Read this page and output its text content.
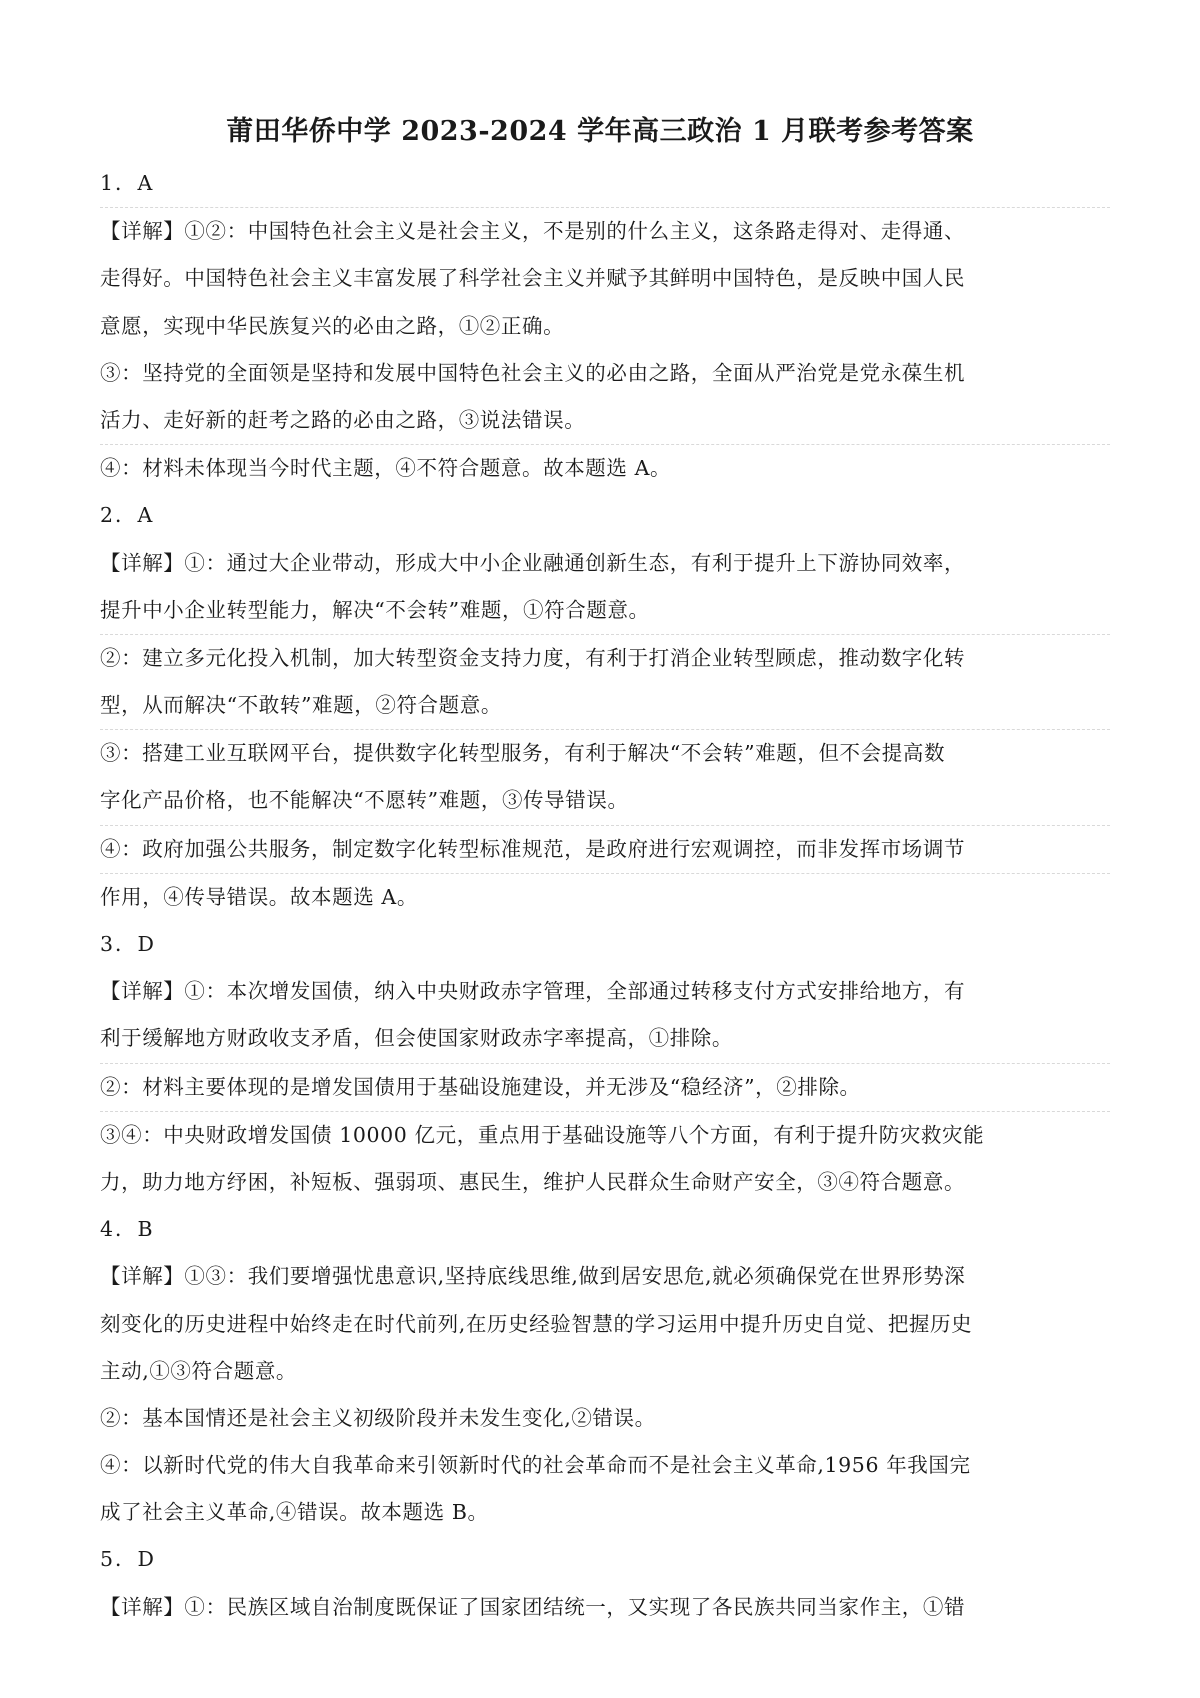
莆田华侨中学 2023-2024 学年高三政治 1 月联考参考答案
1．A
【详解】①②：中国特色社会主义是社会主义，不是别的什么主义，这条路走得对、走得通、
走得好。中国特色社会主义丰富发展了科学社会主义并赋予其鲜明中国特色，是反映中国人民
意愿，实现中华民族复兴的必由之路，①②正确。
③：坚持党的全面领是坚持和发展中国特色社会主义的必由之路，全面从严治党是党永葆生机
活力、走好新的赶考之路的必由之路，③说法错误。
④：材料未体现当今时代主题，④不符合题意。故本题选 A。
2．A
【详解】①：通过大企业带动，形成大中小企业融通创新生态，有利于提升上下游协同效率，
提升中小企业转型能力，解决“不会转”难题，①符合题意。
②：建立多元化投入机制，加大转型资金支持力度，有利于打消企业转型顾虑，推动数字化转
型，从而解决“不敢转”难题，②符合题意。
③：搭建工业互联网平台，提供数字化转型服务，有利于解决“不会转”难题，但不会提高数
字化产品价格，也不能解决“不愿转”难题，③传导错误。
④：政府加强公共服务，制定数字化转型标准规范，是政府进行宏观调控，而非发挥市场调节
作用，④传导错误。故本题选 A。
3．D
【详解】①：本次增发国债，纳入中央财政赤字管理，全部通过转移支付方式安排给地方，有
利于缓解地方财政收支矛盾，但会使国家财政赤字率提高，①排除。
②：材料主要体现的是增发国债用于基础设施建设，并无涉及“稳经济”，②排除。
③④：中央财政增发国债 10000 亿元，重点用于基础设施等八个方面，有利于提升防灾救灾能
力，助力地方纾困，补短板、强弱项、惠民生，维护人民群众生命财产安全，③④符合题意。
4．B
【详解】①③：我们要增强忧患意识,坚持底线思维,做到居安思危,就必须确保党在世界形势深
刻变化的历史进程中始终走在时代前列,在历史经验智慧的学习运用中提升历史自觉、把握历史
主动,①③符合题意。
②：基本国情还是社会主义初级阶段并未发生变化,②错误。
④：以新时代党的伟大自我革命来引领新时代的社会革命而不是社会主义革命,1956 年我国完
成了社会主义革命,④错误。故本题选 B。
5．D
【详解】①：民族区域自治制度既保证了国家团结统一，又实现了各民族共同当家作主，①错
